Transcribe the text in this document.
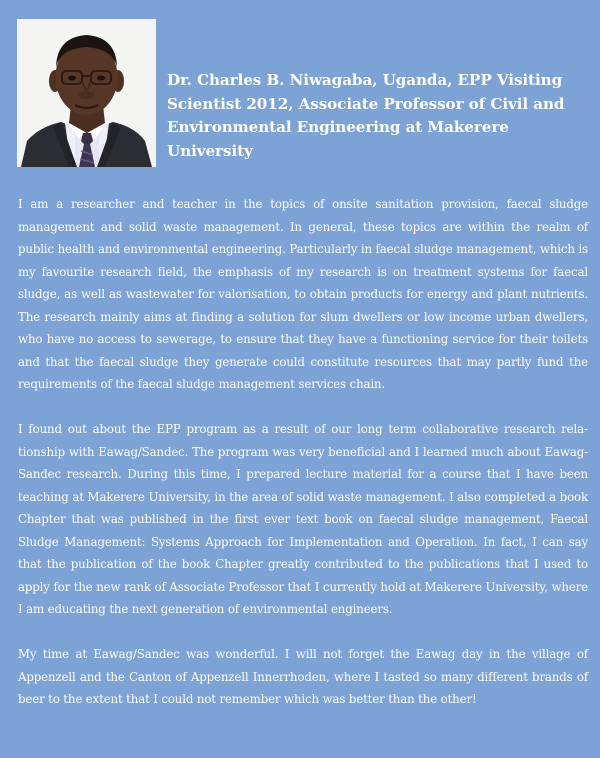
Dr. Charles B. Niwagaba, Uganda, EPP Visiting Scientist 2012, Associate Professor of Civil and Environmental Engineering at Makerere University

I am a researcher and teacher in the topics of onsite sanitation provision, faecal sludge management and solid waste management. In general, these topics are within the realm of public health and environmental engineering. Particularly in faecal sludge management, which is my favourite research field, the emphasis of my research is on treatment systems for faecal sludge, as well as wastewater for valorisation, to obtain products for energy and plant nutrients. The research mainly aims at finding a solution for slum dwellers or low income urban dwellers, who have no access to sewerage, to ensure that they have a functioning service for their toilets and that the faecal sludge they generate could constitute resources that may partly fund the requirements of the faecal sludge management services chain.

I found out about the EPP program as a result of our long term collaborative research relationship with Eawag/Sandec. The program was very beneficial and I learned much about Eawag-Sandec research. During this time, I prepared lecture material for a course that I have been teaching at Makerere University, in the area of solid waste management. I also completed a book Chapter that was published in the first ever text book on faecal sludge management, Faecal Sludge Management: Systems Approach for Implementation and Operation. In fact, I can say that the publication of the book Chapter greatly contributed to the publications that I used to apply for the new rank of Associate Professor that I currently hold at Makerere University, where I am educating the next generation of environmental engineers.

My time at Eawag/Sandec was wonderful. I will not forget the Eawag day in the village of Appenzell and the Canton of Appenzell Innerrhoden, where I tasted so many different brands of beer to the extent that I could not remember which was better than the other!
